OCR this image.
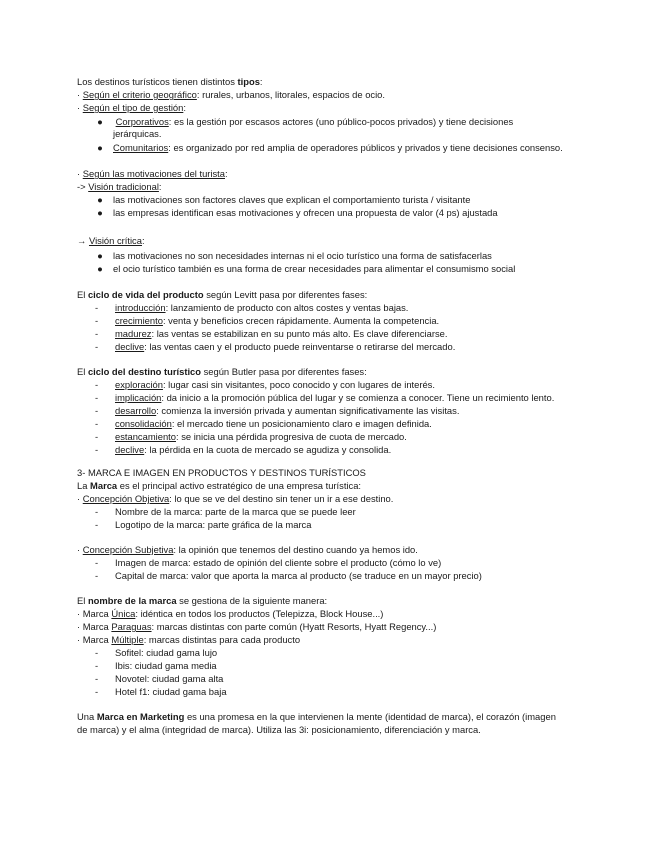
Los destinos turísticos tienen distintos tipos:
· Según el criterio geográfico: rurales, urbanos, litorales, espacios de ocio.
· Según el tipo de gestión:
● Corporativos: es la gestión por escasos actores (uno público-pocos privados) y tiene decisiones
jerárquicas.
● Comunitarios: es organizado por red amplia de operadores públicos y privados y tiene decisiones consenso.
· Según las motivaciones del turista:
-> Visión tradicional:
● las motivaciones son factores claves que explican el comportamiento turista / visitante
● las empresas identifican esas motivaciones y ofrecen una propuesta de valor (4 ps) ajustada
→ Visión crítica:
● las motivaciones no son necesidades internas ni el ocio turístico una forma de satisfacerlas
● el ocio turístico también es una forma de crear necesidades para alimentar el consumismo social
El ciclo de vida del producto según Levitt pasa por diferentes fases:
- introducción: lanzamiento de producto con altos costes y ventas bajas.
- crecimiento: venta y beneficios crecen rápidamente. Aumenta la competencia.
- madurez: las ventas se estabilizan en su punto más alto. Es clave diferenciarse.
- declive: las ventas caen y el producto puede reinventarse o retirarse del mercado.
El ciclo del destino turístico según Butler pasa por diferentes fases:
- exploración: lugar casi sin visitantes, poco conocido y con lugares de interés.
- implicación: da inicio a la promoción pública del lugar y se comienza a conocer. Tiene un recimiento lento.
- desarrollo: comienza la inversión privada y aumentan significativamente las visitas.
- consolidación: el mercado tiene un posicionamiento claro e imagen definida.
- estancamiento: se inicia una pérdida progresiva de cuota de mercado.
- declive: la pérdida en la cuota de mercado se agudiza y consolida.
3- MARCA E IMAGEN EN PRODUCTOS Y DESTINOS TURÍSTICOS
La Marca es el principal activo estratégico de una empresa turística:
· Concepción Objetiva: lo que se ve del destino sin tener un ir a ese destino.
- Nombre de la marca: parte de la marca que se puede leer
- Logotipo de la marca: parte gráfica de la marca
· Concepción Subjetiva: la opinión que tenemos del destino cuando ya hemos ido.
- Imagen de marca: estado de opinión del cliente sobre el producto (cómo lo ve)
- Capital de marca: valor que aporta la marca al producto (se traduce en un mayor precio)
El nombre de la marca se gestiona de la siguiente manera:
· Marca Única: idéntica en todos los productos (Telepizza, Block House...)
· Marca Paraguas: marcas distintas con parte común (Hyatt Resorts, Hyatt Regency...)
· Marca Múltiple: marcas distintas para cada producto
- Sofitel: ciudad gama lujo
- Ibis: ciudad gama media
- Novotel: ciudad gama alta
- Hotel f1: ciudad gama baja
Una Marca en Marketing es una promesa en la que intervienen la mente (identidad de marca), el corazón (imagen
de marca) y el alma (integridad de marca). Utiliza las 3i: posicionamiento, diferenciación y marca.
